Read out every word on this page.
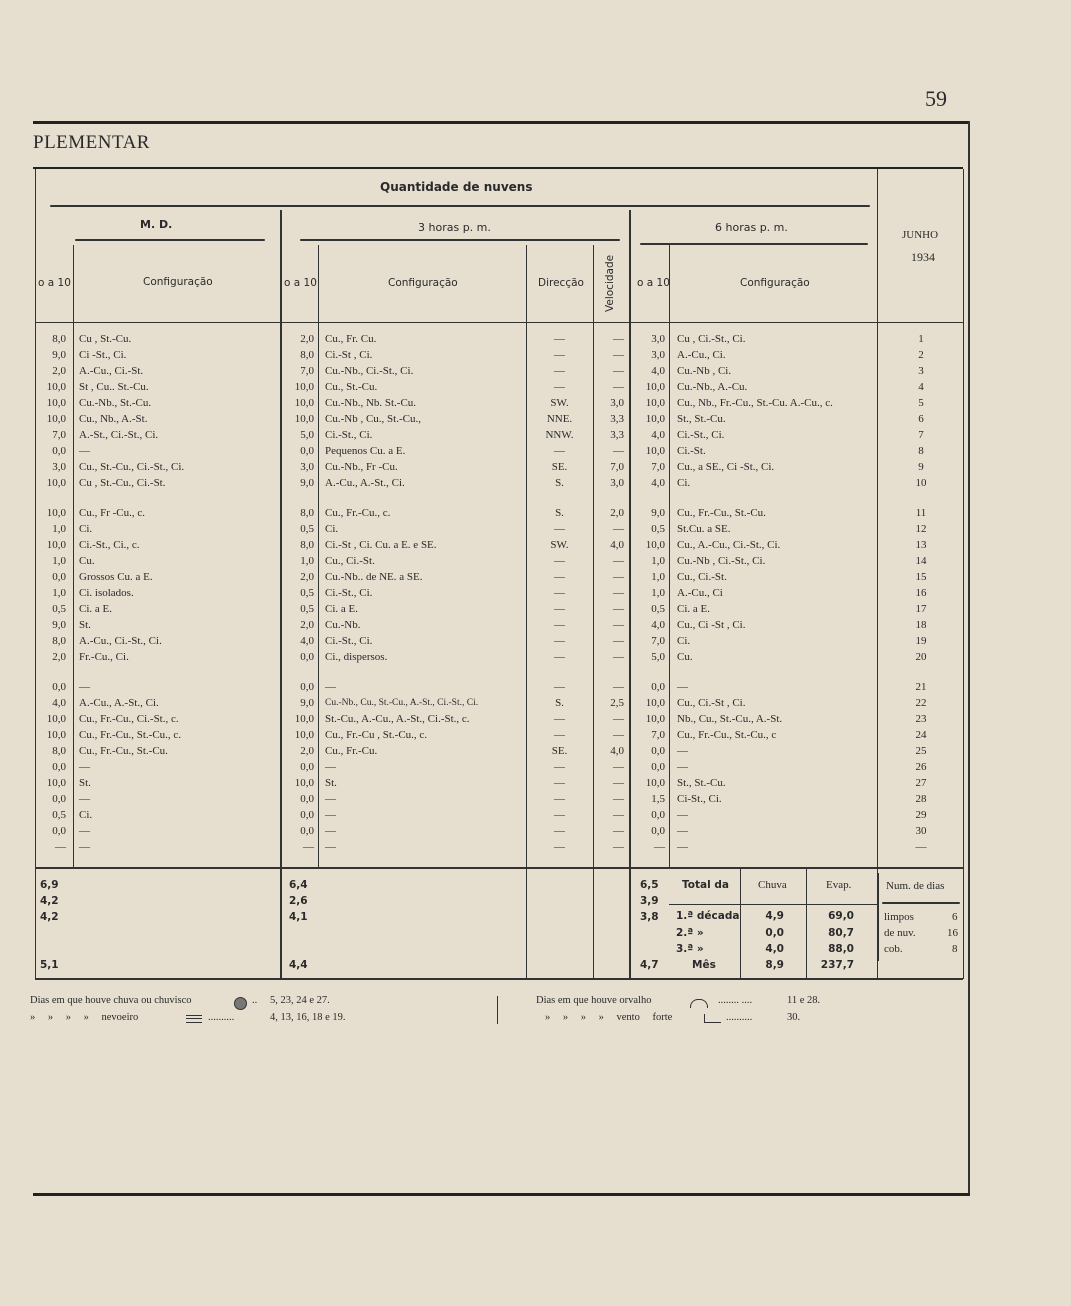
59
PLEMENTAR
Quantidade de nuvens
M. D.	3 horas p. m.	6 horas p. m.
JUNHO
1934
o a 10	Configuração	o a 10	Configuração	Direcção Velocidade o a 10	Configuração
8,0 Cu , St.-Cu.	2,0 Cu., Fr. Cu.	—	—	3,0 Cu , Ci.-St., Ci.	1
9,0 Ci -St., Ci.	8,0 Ci.-St , Ci.	—	—	3,0 A.-Cu., Ci.	2
2,0 A.-Cu., Ci.-St.	7,0 Cu.-Nb., Ci.-St., Ci.	—	—	4,0 Cu.-Nb , Ci.	3
10,0 St , Cu.. St.-Cu.	10,0 Cu., St.-Cu.	—	—	10,0 Cu.-Nb., A.-Cu.	4
10,0 Cu.-Nb., St.-Cu.	10,0 Cu.-Nb., Nb. St.-Cu.	SW.	3,0	10,0 Cu., Nb., Fr.-Cu., St.-Cu. A.-Cu., c.	5
10,0 Cu., Nb., A.-St.	10,0 Cu.-Nb , Cu., St.-Cu.,	NNE.	3,3	10,0 St., St.-Cu.	6
7,0 A.-St., Ci.-St., Ci.	5,0 Ci.-St., Ci.	NNW.	3,3	4,0 Ci.-St., Ci.	7
0,0 —	0,0 Pequenos Cu. a E.	—	—	10,0 Ci.-St.	8
3,0 Cu., St.-Cu., Ci.-St., Ci.	3,0 Cu.-Nb., Fr -Cu.	SE.	7,0	7,0 Cu., a SE., Ci -St., Ci.	9
10,0 Cu , St.-Cu., Ci.-St.	9,0 A.-Cu., A.-St., Ci.	S.	3,0	4,0 Ci.	10
10,0 Cu., Fr -Cu., c.	8,0 Cu., Fr.-Cu., c.	S.	2,0	9,0 Cu., Fr.-Cu., St.-Cu.	11
1,0 Ci.	0,5 Ci.	—	—	0,5 St.Cu. a SE.	12
10,0 Ci.-St., Ci., c.	8,0 Ci.-St , Ci. Cu. a E. e SE.	SW.	4,0	10,0 Cu., A.-Cu., Ci.-St., Ci.	13
1,0 Cu.	1,0 Cu., Ci.-St.	—	—	1,0 Cu.-Nb , Ci.-St., Ci.	14
0,0 Grossos Cu. a E.	2,0 Cu.-Nb.. de NE. a SE.	—	—	1,0 Cu., Ci.-St.	15
1,0 Ci. isolados.	0,5 Ci.-St., Ci.	—	—	1,0 A.-Cu., Ci	16
0,5 Ci. a E.	0,5 Ci. a E.	—	—	0,5 Ci. a E.	17
9,0 St.	2,0 Cu.-Nb.	—	—	4,0 Cu., Ci -St , Ci.	18
8,0 A.-Cu., Ci.-St., Ci.	4,0 Ci.-St., Ci.	—	—	7,0 Ci.	19
2,0 Fr.-Cu., Ci.	0,0 Ci., dispersos.	—	—	5,0 Cu.	20
0,0 —	0,0 —	—	—	0,0 —	21
4,0 A.-Cu., A.-St., Ci.	9,0 Cu.-Nb., Cu., St.-Cu., A.-St., Ci.-St., Ci.	S.	2,5	10,0 Cu., Ci.-St , Ci.	22
10,0 Cu., Fr.-Cu., Ci.-St., c.	10,0 St.-Cu., A.-Cu., A.-St., Ci.-St., c.	—	—	10,0 Nb., Cu., St.-Cu., A.-St.	23
10,0 Cu., Fr.-Cu., St.-Cu., c.	10,0 Cu., Fr.-Cu , St.-Cu., c.	—	—	7,0 Cu., Fr.-Cu., St.-Cu., c	24
8,0 Cu., Fr.-Cu., St.-Cu.	2,0 Cu., Fr.-Cu.	SE.	4,0	0,0 —	25
0,0 —	0,0 —	—	—	0,0 —	26
10,0 St.	10,0 St.	—	—	10,0 St., St.-Cu.	27
0,0 —	0,0 —	—	—	1,5 Ci-St., Ci.	28
0,5 Ci.	0,0 —	—	—	0,0 —	29
0,0 —	0,0 —	—	—	0,0 —	30
— —	— —	—	—	— —	—
6,9	6,4	6,5
4,2	2,6	3,9
4,2	4,1	3,8
5,1	4,4	4,7
Total da	Chuva	Evap.
1.ª década	4,9	69,0
2.ª »	0,0	80,7
3.ª »	4,0	88,0
Mês	8,9	237,7
Num. de dias
limpos	6
de nuv.	16
cob.	8
Dias em que houve chuva ou chuvisco	.. 5, 23, 24 e 27.
» » » » nevoeiro	..........	4, 13, 16, 18 e 19.
Dias em que houve orvalho	........ ....	11 e 28.
» » » » vento forte	..........	30.
